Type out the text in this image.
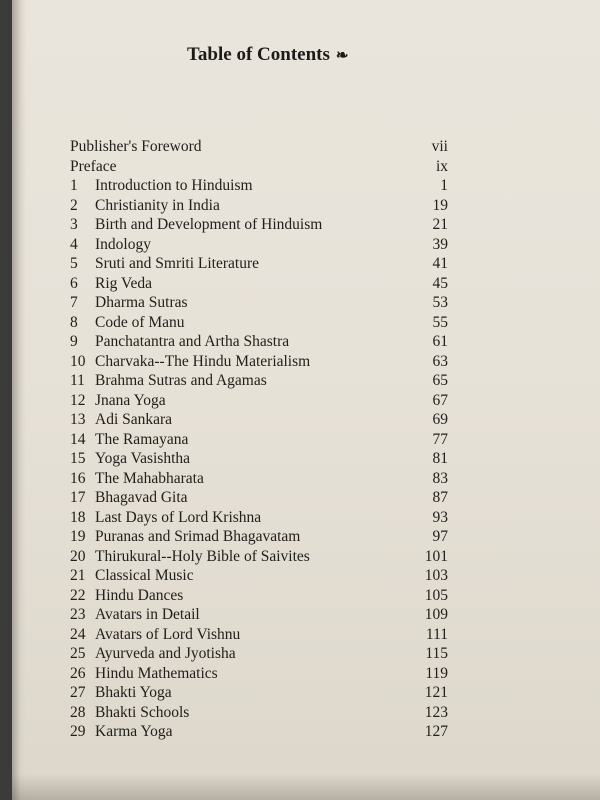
Table of Contents ❧
Publisher's Foreword	vii
Preface	ix
1	Introduction to Hinduism	1
2	Christianity in India	19
3	Birth and Development of Hinduism	21
4	Indology	39
5	Sruti and Smriti Literature	41
6	Rig Veda	45
7	Dharma Sutras	53
8	Code of Manu	55
9	Panchatantra and Artha Shastra	61
10 Charvaka--The Hindu Materialism	63
11 Brahma Sutras and Agamas	65
12 Jnana Yoga	67
13 Adi Sankara	69
14 The Ramayana	77
15 Yoga Vasishtha	81
16 The Mahabharata	83
17 Bhagavad Gita	87
18 Last Days of Lord Krishna	93
19 Puranas and Srimad Bhagavatam	97
20 Thirukural--Holy Bible of Saivites	101
21 Classical Music	103
22 Hindu Dances	105
23 Avatars in Detail	109
24 Avatars of Lord Vishnu	111
25 Ayurveda and Jyotisha	115
26 Hindu Mathematics	119
27 Bhakti Yoga	121
28 Bhakti Schools	123
29 Karma Yoga	127
